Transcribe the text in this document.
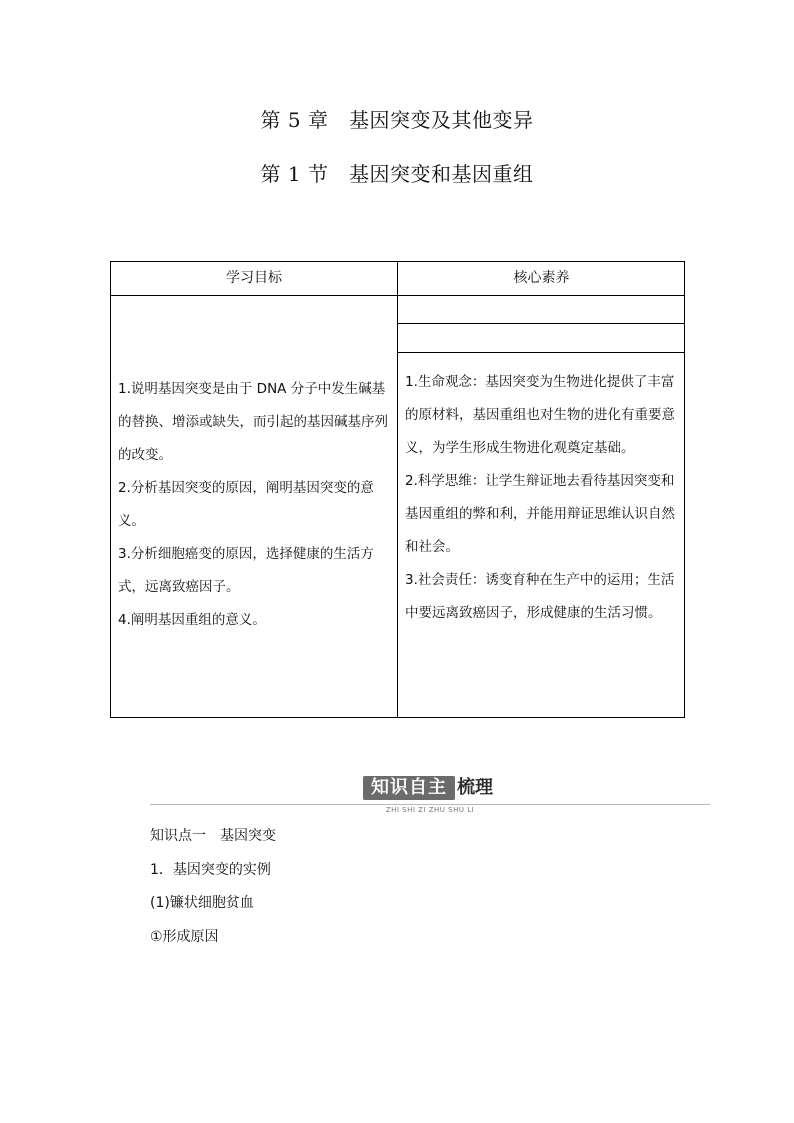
第 5 章　基因突变及其他变异
第 1 节　基因突变和基因重组
学习目标	核心素养

1.说明基因突变是由于 DNA 分子中发生碱基的替换、增添或缺失，而引起的基因碱基序列的改变。

2.分析基因突变的原因，阐明基因突变的意义。

3.分析细胞癌变的原因，选择健康的生活方式，远离致癌因子。

4.阐明基因重组的意义。

1.生命观念：基因突变为生物进化提供了丰富的原材料，基因重组也对生物的进化有重要意义，为学生形成生物进化观奠定基础。

2.科学思维：让学生辩证地去看待基因突变和基因重组的弊和利，并能用辩证思维认识自然和社会。

3.社会责任：诱变育种在生产中的运用；生活中要远离致癌因子，形成健康的生活习惯。

知识自主 梳理
ZHI SHI ZI ZHU SHU LI
知识点一　基因突变
1．基因突变的实例
(1)镰状细胞贫血
①形成原因
